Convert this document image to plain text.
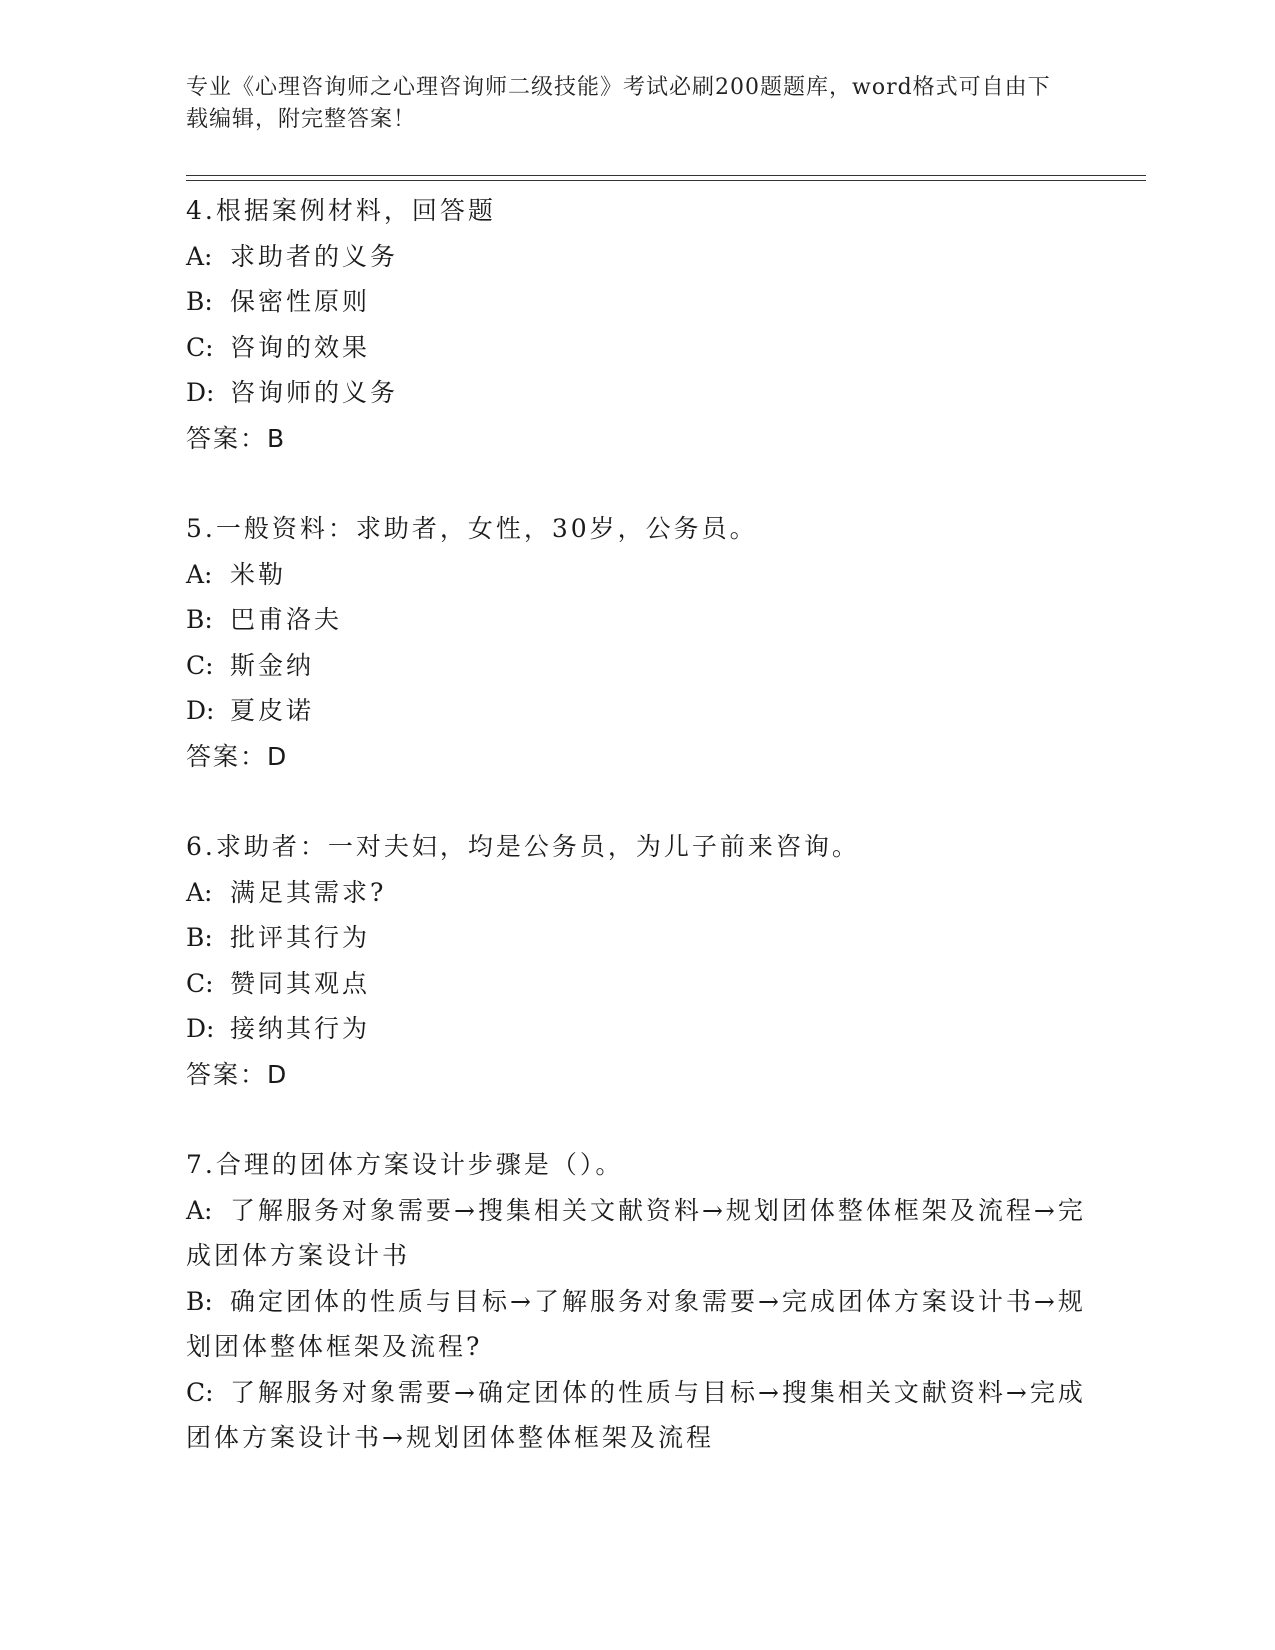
专业《心理咨询师之心理咨询师二级技能》考试必刷200题题库，word格式可自由下载编辑，附完整答案！
4.根据案例材料，回答题
A: 求助者的义务
B: 保密性原则
C: 咨询的效果
D: 咨询师的义务
答案：B
5.一般资料：求助者，女性，30岁，公务员。
A: 米勒
B: 巴甫洛夫
C: 斯金纳
D: 夏皮诺
答案：D
6.求助者：一对夫妇，均是公务员，为儿子前来咨询。
A: 满足其需求?
B: 批评其行为
C: 赞同其观点
D: 接纳其行为
答案：D
7.合理的团体方案设计步骤是（）。
A: 了解服务对象需要→搜集相关文献资料→规划团体整体框架及流程→完成团体方案设计书
B: 确定团体的性质与目标→了解服务对象需要→完成团体方案设计书→规划团体整体框架及流程?
C: 了解服务对象需要→确定团体的性质与目标→搜集相关文献资料→完成团体方案设计书→规划团体整体框架及流程
